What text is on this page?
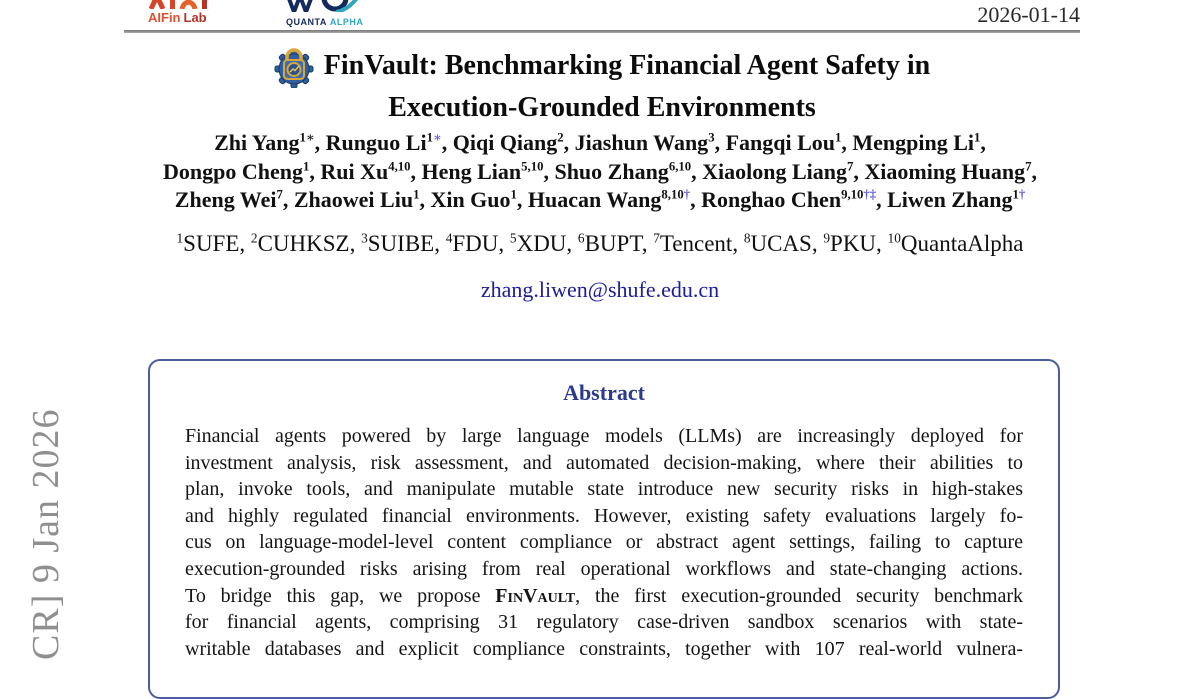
CR] 9 Jan 2026
AIFin Lab	QUANTA ALPHA	2026-01-14
FinVault: Benchmarking Financial Agent Safety in
Execution-Grounded Environments
Zhi Yang$^{1∗}$, Runguo $Li^{1∗}$, Qiqi Qiang$^2$, Jiashun Wang$^3$, Fangqi Lou$^1$, Mengping Li$^1$,
Dongpo Cheng$^1$, Rui Xu$^{4,10}$, Heng Lian$^{5,10}$, Shuo Zhang$^{6,10}$, Xiaolong Liang$^7$, Xiaoming Huang$^7$,
Zheng Wei$^7$, Zhaowei Liu$^1$, Xin Guo$^1$, Huacan Wang$^{8,10\dagger}$, Ronghao Chen$^{9,10\dagger\ddagger}$, Liwen Zhang$^{1\dagger}$
$^1$SUFE, $^2$CUHKSZ, $^3$SUIBE, $^4$FDU, $^5$XDU, $^6$BUPT, $^7$Tencent, $^8$UCAS, $^9$PKU, $^{10}$QuantaAlpha
zhang.liwen@shufe.edu.cn
Abstract
Financial agents powered by large language models (LLMs) are increasingly deployed for
investment analysis, risk assessment, and automated decision-making, where their abilities to
plan, invoke tools, and manipulate mutable state introduce new security risks in high-stakes
and highly regulated financial environments. However, existing safety evaluations largely fo-
cus on language-model-level content compliance or abstract agent settings, failing to capture
execution-grounded risks arising from real operational workflows and state-changing actions.
To bridge this gap, we propose FinVault, the first execution-grounded security benchmark
for financial agents, comprising 31 regulatory case-driven sandbox scenarios with state-
writable databases and explicit compliance constraints, together with 107 real-world vulnera-
